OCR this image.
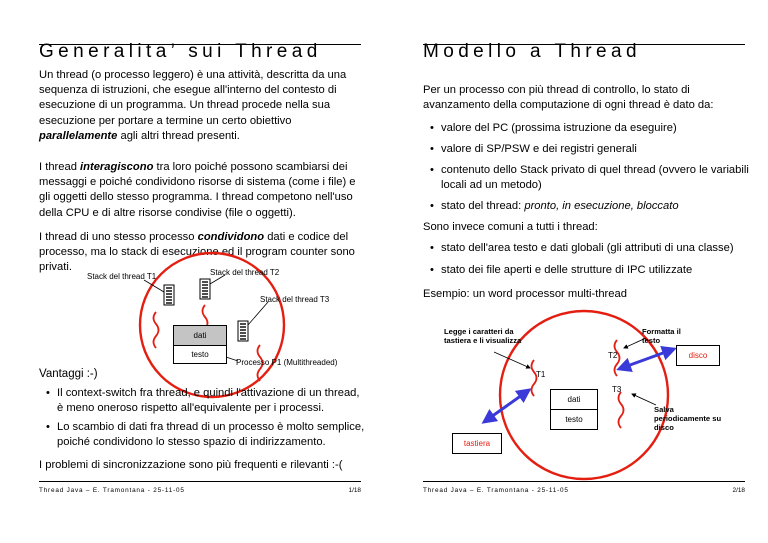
Generalita’ sui Thread

Un thread (o processo leggero) è una attività, descritta da una sequenza di istruzioni, che esegue all'interno del contesto di esecuzione di un programma. Un thread procede nella sua esecuzione per portare a termine un certo obiettivo parallelamente agli altri thread presenti.

I thread interagiscono tra loro poiché possono scambiarsi dei messaggi e poiché condividono risorse di sistema (come i file) e gli oggetti dello stesso programma. I thread competono nell'uso della CPU e di altre risorse condivise (file o oggetti).

I thread di uno stesso processo condividono dati e codice del processo, ma lo stack di esecuzione ed il program counter sono privati.

Stack del thread T1	Stack del thread T2
Stack del thread T3
dati
testo
Processo P1 (Multithreaded)

Vantaggi :-)

• Il context-switch fra thread, e quindi l'attivazione di un thread, è meno oneroso rispetto all'equivalente per i processi.

• Lo scambio di dati fra thread di un processo è molto semplice, poiché condividono lo stesso spazio di indirizzamento.

I problemi di sincronizzazione sono più frequenti e rilevanti :-(

Thread Java – E. Tramontana - 25-11-05	1/18
Modello a Thread

Per un processo con più thread di controllo, lo stato di avanzamento della computazione di ogni thread è dato da:

• valore del PC (prossima istruzione da eseguire)

• valore di SP/PSW e dei registri generali

• contenuto dello Stack privato di quel thread (ovvero le variabili locali ad un metodo)

• stato del thread: pronto, in esecuzione, bloccato

Sono invece comuni a tutti i thread:

• stato dell'area testo e dati globali (gli attributi di una classe)

• stato dei file aperti e delle strutture di IPC utilizzate

Esempio: un word processor multi-thread

Legge i caratteri da tastiera e li visualizza
Formatta il testo
Salva periodicamente su disco
T1
T2
T3
dati
testo
tastiera
disco
Thread Java – E. Tramontana - 25-11-05	2/18
